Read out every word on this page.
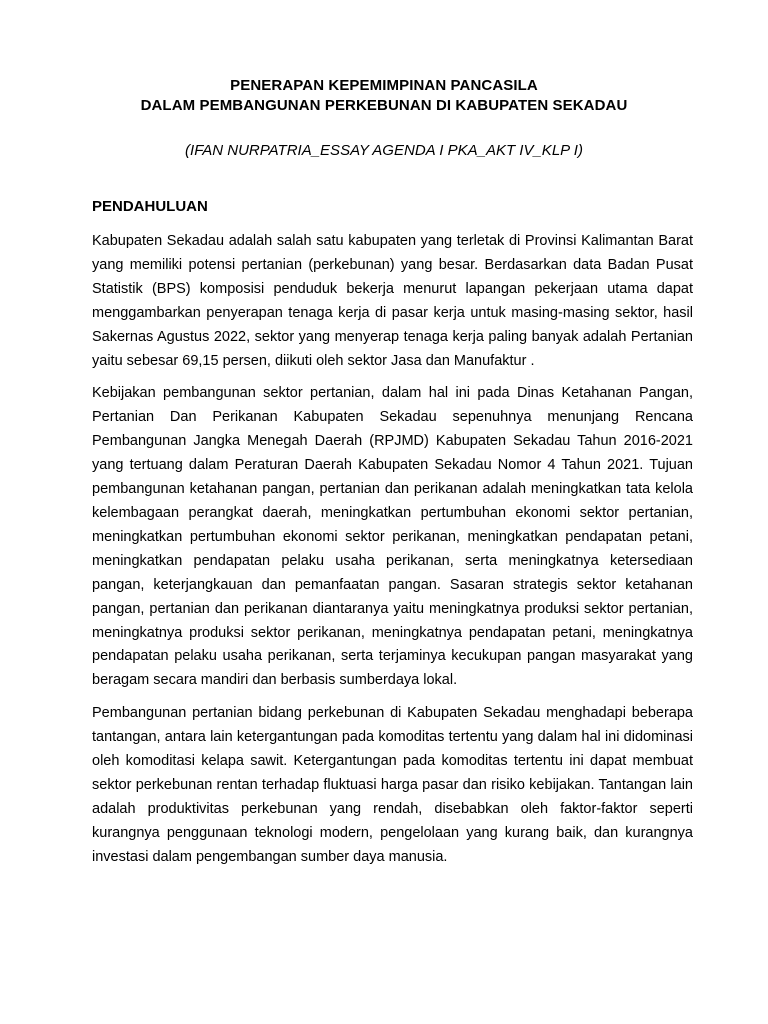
PENERAPAN KEPEMIMPINAN PANCASILA
DALAM PEMBANGUNAN PERKEBUNAN DI KABUPATEN SEKADAU
(IFAN NURPATRIA_ESSAY AGENDA I PKA_AKT IV_KLP I)
PENDAHULUAN

Kabupaten Sekadau adalah salah satu kabupaten yang terletak di Provinsi Kalimantan Barat yang memiliki potensi pertanian (perkebunan) yang besar. Berdasarkan data Badan Pusat Statistik (BPS) komposisi penduduk bekerja menurut lapangan pekerjaan utama dapat menggambarkan penyerapan tenaga kerja di pasar kerja untuk masing-masing sektor, hasil Sakernas Agustus 2022, sektor yang menyerap tenaga kerja paling banyak adalah Pertanian yaitu sebesar 69,15 persen, diikuti oleh sektor Jasa dan Manufaktur .

Kebijakan pembangunan sektor pertanian, dalam hal ini pada Dinas Ketahanan Pangan, Pertanian Dan Perikanan Kabupaten Sekadau sepenuhnya menunjang Rencana Pembangunan Jangka Menegah Daerah (RPJMD) Kabupaten Sekadau Tahun 2016-2021 yang tertuang dalam Peraturan Daerah Kabupaten Sekadau Nomor 4 Tahun 2021. Tujuan pembangunan ketahanan pangan, pertanian dan perikanan adalah meningkatkan tata kelola kelembagaan perangkat daerah, meningkatkan pertumbuhan ekonomi sektor pertanian, meningkatkan pertumbuhan ekonomi sektor perikanan, meningkatkan pendapatan petani, meningkatkan pendapatan pelaku usaha perikanan, serta meningkatnya ketersediaan pangan, keterjangkauan dan pemanfaatan pangan. Sasaran strategis sektor ketahanan pangan, pertanian dan perikanan diantaranya yaitu meningkatnya produksi sektor pertanian, meningkatnya produksi sektor perikanan, meningkatnya pendapatan petani, meningkatnya pendapatan pelaku usaha perikanan, serta terjaminya kecukupan pangan masyarakat yang beragam secara mandiri dan berbasis sumberdaya lokal.

Pembangunan pertanian bidang perkebunan di Kabupaten Sekadau menghadapi beberapa tantangan, antara lain ketergantungan pada komoditas tertentu yang dalam hal ini didominasi oleh komoditasi kelapa sawit. Ketergantungan pada komoditas tertentu ini dapat membuat sektor perkebunan rentan terhadap fluktuasi harga pasar dan risiko kebijakan. Tantangan lain adalah produktivitas perkebunan yang rendah, disebabkan oleh faktor-faktor seperti kurangnya penggunaan teknologi modern, pengelolaan yang kurang baik, dan kurangnya investasi dalam pengembangan sumber daya manusia.
